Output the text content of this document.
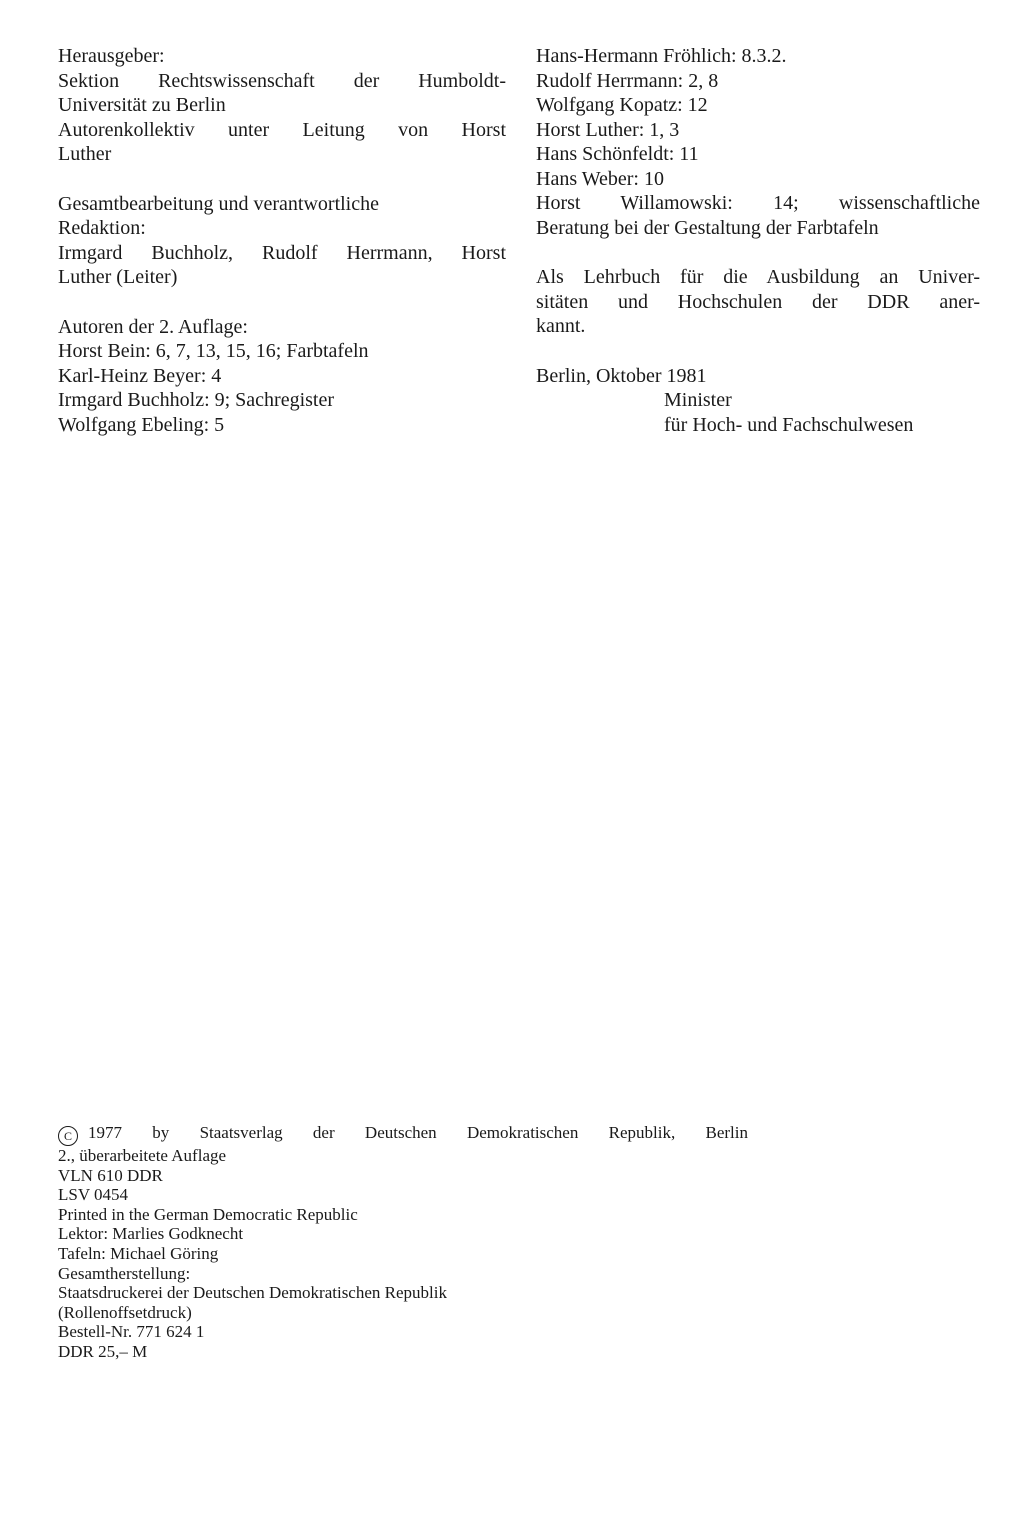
Herausgeber:
Sektion Rechtswissenschaft der Humboldt-
Universität zu Berlin
Autorenkollektiv unter Leitung von Horst
Luther
Gesamtbearbeitung und verantwortliche
Redaktion:
Irmgard Buchholz, Rudolf Herrmann, Horst
Luther (Leiter)
Autoren der 2. Auflage:
Horst Bein: 6, 7, 13, 15, 16; Farbtafeln
Karl-Heinz Beyer: 4
Irmgard Buchholz: 9; Sachregister
Wolfgang Ebeling: 5
Hans-Hermann Fröhlich: 8.3.2.
Rudolf Herrmann: 2, 8
Wolfgang Kopatz: 12
Horst Luther: 1, 3
Hans Schönfeldt: 11
Hans Weber: 10
Horst Willamowski: 14; wissenschaftliche
Beratung bei der Gestaltung der Farbtafeln
Als Lehrbuch für die Ausbildung an Univer-
sitäten und Hochschulen der DDR aner-
kannt.
Berlin, Oktober 1981
Minister
für Hoch- und Fachschulwesen
C 1977 by Staatsverlag der Deutschen Demokratischen Republik, Berlin
2., überarbeitete Auflage
VLN 610 DDR
LSV 0454
Printed in the German Democratic Republic
Lektor: Marlies Godknecht
Tafeln: Michael Göring
Gesamtherstellung:
Staatsdruckerei der Deutschen Demokratischen Republik
(Rollenoffsetdruck)
Bestell-Nr. 771 624 1
DDR 25,– M
